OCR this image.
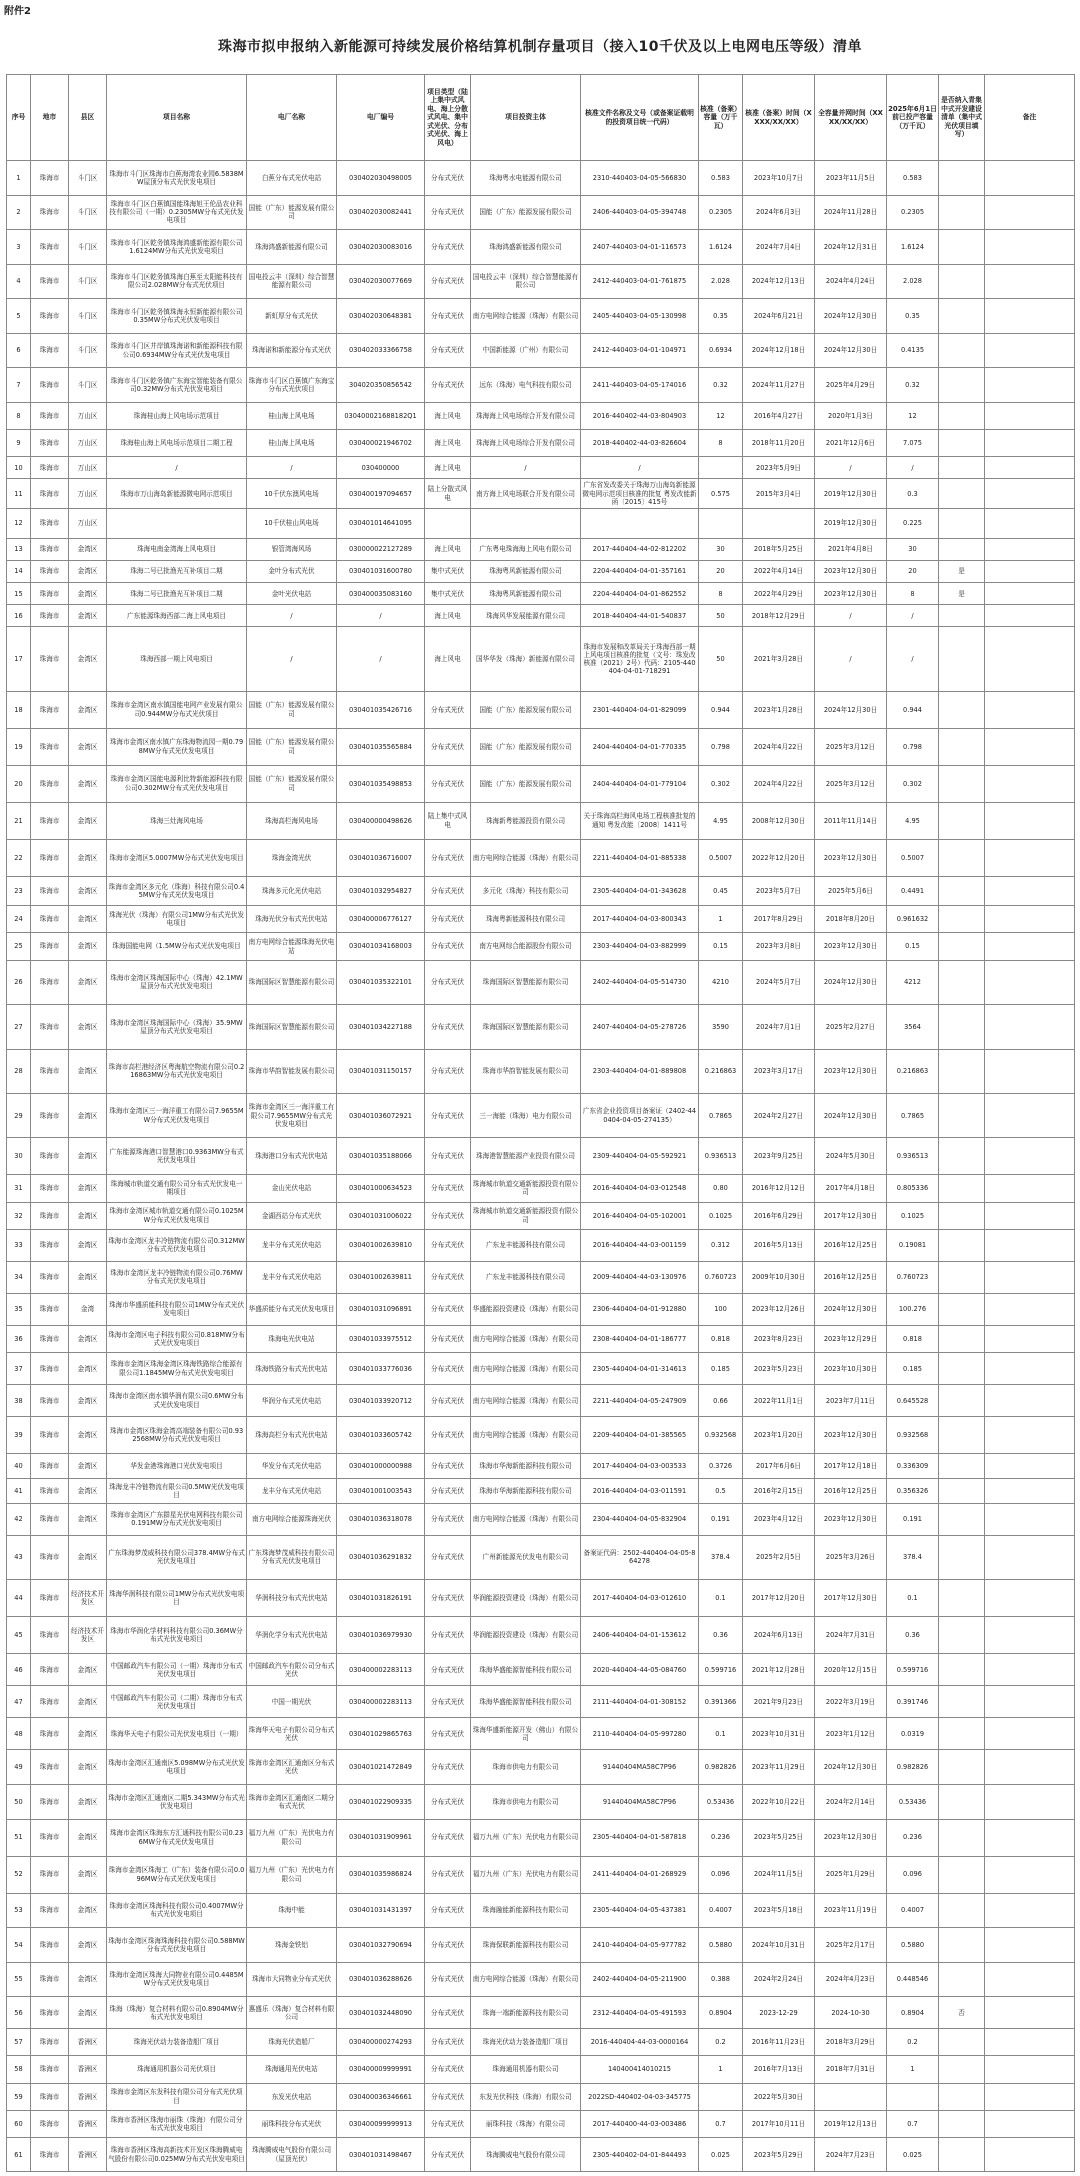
附件2
珠海市拟申报纳入新能源可持续发展价格结算机制存量项目（接入10千伏及以上电网电压等级）清单
序号	地市	县区	项目名称	电厂名称	电厂编号	项目类型（陆上集中式风电、海上分散式风电、集中式光伏、分布式光伏、海上风电）	项目投资主体	核准文件名称及文号（或备案证载明的投资项目统一代码）	核准（备案）容量（万千瓦）	核准（备案）时间（XXXX/XX/XX）	全容量并网时间（XXXX/XX/XX）	2025年6月1日前已投产容量（万千瓦）	是否纳入青集中式开发建设清单（集中式光伏项目填写）	备注
1	珠海市	斗门区	珠海市斗门区珠海市白蕉海湾农业园6.5838MW屋顶分布式光伏发电项目	白蕉分布式光伏电站	030402030498005	分布式光伏	珠海粤水电能源有限公司	2310-440403-04-05-566830	0.583	2023年10月7日	2023年11月5日	0.583		
2	珠海市	斗门区	珠海市斗门区白蕉镇国能珠海旭王伦品农业科技有限公司（一期）0.2305MW分布式光伏发电项目	国能（广东）能源发展有限公司	030402030082441	分布式光伏	国能（广东）能源发展有限公司	2406-440403-04-05-394748	0.2305	2024年6月3日	2024年11月28日	0.2305		
3	珠海市	斗门区	珠海市斗门区乾务镇珠海鸿盛新能源有限公司1.6124MW分布式光伏发电项目	珠海鸿盛新能源有限公司	030402030083016	分布式光伏	珠海鸿盛新能源有限公司	2407-440403-04-01-116573	1.6124	2024年7月4日	2024年12月31日	1.6124		
4	珠海市	斗门区	珠海市斗门区乾务镇珠海白蕉至太阳能科技有限公司2.028MW分布式光伏项目	国电投云丰（深圳）综合智慧能源有限公司	030402030077669	分布式光伏	国电投云丰（深圳）综合智慧能源有限公司	2412-440403-04-01-761875	2.028	2024年12月13日	2024年4月24日	2.028		
5	珠海市	斗门区	珠海市斗门区乾务镇珠海永恒新能源有限公司0.35MW分布式光伏发电项目	新虹厚分布式光伏	030402030648381	分布式光伏	南方电网综合能源（珠海）有限公司	2405-440403-04-05-130998	0.35	2024年6月21日	2024年12月30日	0.35		
6	珠海市	斗门区	珠海市斗门区井岸镇珠海诺和新能源科技有限公司0.6934MW分布式光伏发电项目	珠海诺和新能源分布式光伏	030402033366758	分布式光伏	中国新能源（广州）有限公司	2412-440403-04-01-104971	0.6934	2024年12月18日	2024年12月30日	0.4135		
7	珠海市	斗门区	珠海市斗门区乾务镇广东海宝智能装备有限公司0.32MW分布式光伏发电项目	珠海市斗门区白蕉镇广东海宝分布式光伏项目	304020350856542	分布式光伏	远东（珠海）电气科技有限公司	2411-440403-04-05-174016	0.32	2024年11月27日	2025年4月29日	0.32		
8	珠海市	万山区	珠海桂山海上风电场示范项目	桂山海上风电场	030400021688182Q1	海上风电	珠海海上风电场综合开发有限公司	2016-440402-44-03-804903	12	2016年4月27日	2020年1月3日	12		
9	珠海市	万山区	珠海桂山海上风电场示范项目二期工程	桂山海上风电场	030400021946702	海上风电	珠海海上风电场综合开发有限公司	2018-440402-44-03-826604	8	2018年11月20日	2021年12月6日	7.075		
10	珠海市	万山区	/	/	030400000	海上风电	/	/		2023年5月9日	/	/		
11	珠海市	万山区	珠海市万山海岛新能源微电网示范项目	10千伏东澳风电场	030400197094657	陆上分散式风电	南方海上风电场联合开发有限公司	广东省发改委关于珠海万山海岛新能源微电网示范项目核准的批复 粤发改能新函〔2015〕415号	0.575	2015年3月4日	2019年12月30日	0.3		
12	珠海市	万山区		10千伏桂山风电场	030401014641095						2019年12月30日	0.225		
13	珠海市	金湾区	珠海电南金湾海上风电项目	银管湾海风场	030000022127289	海上风电	广东粤电珠海海上风电有限公司	2017-440404-44-02-812202	30	2018年5月25日	2021年4月8日	30		
14	珠海市	金湾区	珠海二号已批渔光互补项目二期	金叶分布式光伏	030401031600780	集中式光伏	珠海粤风新能源有限公司	2204-440404-04-01-357161	20	2022年4月14日	2023年12月30日	20	是	
15	珠海市	金湾区	珠海二号已批渔光互补项目二期	金叶光伏电站	030400035083160	集中式光伏	珠海粤风新能源有限公司	2204-440404-04-01-862552	8	2022年4月29日	2023年12月30日	8	是	
16	珠海市	金湾区	广东能源珠海西部二海上风电项目	/	/	海上风电	珠海风华发展能源有限公司	2018-440404-44-01-540837	50	2018年12月29日	/	/		
17	珠海市	金湾区	珠海西部一期上风电项目	/	/	海上风电	国华华发（珠海）新能源有限公司	珠海市发展和改革局关于珠海西部一期上风电项目核准的批复（文号：珠发改核准（2021）2号）代码：2105-440404-04-01-718291	50	2021年3月28日	/	/		
18	珠海市	金湾区	珠海市金湾区南水镇国能电网产业发展有限公司0.944MW分布式光伏项目	国能（广东）能源发展有限公司	030401035426716	分布式光伏	国能（广东）能源发展有限公司	2301-440404-04-01-829099	0.944	2023年1月28日	2024年12月30日	0.944		
19	珠海市	金湾区	珠海市金湾区南水镇广东珠海物流园一期0.798MW分布式光伏发电项目	国能（广东）能源发展有限公司	030401035565884	分布式光伏	国能（广东）能源发展有限公司	2404-440404-04-01-770335	0.798	2024年4月22日	2025年3月12日	0.798		
20	珠海市	金湾区	珠海市金湾区国能电源利比特新能源科技有限公司0.302MW分布式光伏发电项目	国能（广东）能源发展有限公司	030401035498853	分布式光伏	国能（广东）能源发展有限公司	2404-440404-04-01-779104	0.302	2024年4月22日	2025年3月12日	0.302		
21	珠海市	金湾区	珠海三灶海风电场	珠海高栏海风电场	030400000498626	陆上集中式风电	珠海新粤能源投资有限公司	关于珠海高栏海风电场工程核准批复的通知 粤发改能〔2008〕1411号	4.95	2008年12月30日	2011年11月14日	4.95		
22	珠海市	金湾区	珠海市金湾区5.0007MW分布式光伏发电项目	珠海金湾光伏	030401036716007	分布式光伏	南方电网综合能源（珠海）有限公司	2211-440404-04-01-885338	0.5007	2022年12月20日	2023年12月30日	0.5007		
23	珠海市	金湾区	珠海市金湾区多元化（珠海）科技有限公司0.45MW分布式光伏发电项目	珠海多元化光伏电站	030401032954827	分布式光伏	多元化（珠海）科技有限公司	2305-440404-04-01-343628	0.45	2023年5月7日	2025年5月6日	0.4491		
24	珠海市	金湾区	珠海光伏（珠海）有限公司1MW分布式光伏发电项目	珠海光伏分布式光伏电站	030400006776127	分布式光伏	珠海粤新能源科技有限公司	2017-440404-04-03-800343	1	2017年8月29日	2018年8月20日	0.961632		
25	珠海市	金湾区	珠海国能电网（1.5MW分布式光伏发电项目	南方电网综合能源珠海光伏电站	030401034168003	分布式光伏	南方电网综合能源股份有限公司	2303-440404-04-03-882999	0.15	2023年3月8日	2023年12月30日	0.15		
26	珠海市	金湾区	珠海市金湾区珠海国际中心（珠海）42.1MW屋顶分布式光伏发电项目	珠海国际区智慧能源有限公司	030401035322101	分布式光伏	珠海国际区智慧能源有限公司	2402-440404-04-05-514730	4210	2024年5月7日	2024年12月30日	4212		
27	珠海市	金湾区	珠海市金湾区珠海国际中心（珠海）35.9MW屋顶分布式光伏发电项目	珠海国际区智慧能源有限公司	030401034227188	分布式光伏	珠海国际区智慧能源有限公司	2407-440404-04-05-278726	3590	2024年7月1日	2025年2月27日	3564		
28	珠海市	金湾区	珠海市高栏港经济区粤海航空物流有限公司0.216863MW分布式光伏发电项目	珠海市华韵智能发展有限公司	030401031150157	分布式光伏	珠海市华韵智能发展有限公司	2303-440404-04-01-889808	0.216863	2023年3月17日	2023年12月30日	0.216863		
29	珠海市	金湾区	珠海市金湾区三一海洋重工有限公司7.9655MW分布式光伏发电项目	珠海市金湾区三一海洋重工有限公司7.9655MW分布式光伏发电项目	030401036072921	分布式光伏	三一海能（珠海）电力有限公司	广东省企业投资项目备案证（2402-440404-04-05-274135）	0.7865	2024年2月27日	2024年12月30日	0.7865		
30	珠海市	金湾区	广东能源珠海港口智慧港口0.9363MW分布式光伏发电项目	珠海港口分布式光伏电站	030401035188066	分布式光伏	珠海港智慧能源产业投资有限公司	2309-440404-04-05-592921	0.936513	2023年9月25日	2024年5月30日	0.936513		
31	珠海市	金湾区	珠海城市轨道交通有限公司分布式光伏发电一期项目	金山光伏电站	030401000634523	分布式光伏	珠海城市轨道交通新能源投资有限公司	2016-440404-04-03-012548	0.80	2016年12月12日	2017年4月18日	0.805336		
32	珠海市	金湾区	珠海市金湾区城市轨道交通有限公司0.1025MW分布式光伏发电项目	金湖西站分布式光伏	030401031006022	分布式光伏	珠海城市轨道交通新能源投资有限公司	2016-440404-04-05-102001	0.1025	2016年6月29日	2017年12月30日	0.1025		
33	珠海市	金湾区	珠海市金湾区龙丰冷链物流有限公司0.312MW分布式光伏发电项目	龙丰分布式光伏电站	030401002639810	分布式光伏	广东龙丰能源科技有限公司	2016-440404-44-03-001159	0.312	2016年5月13日	2016年12月25日	0.19081		
34	珠海市	金湾区	珠海市金湾区龙丰冷链物流有限公司0.76MW分布式光伏发电项目	龙丰分布式光伏电站	030401002639811	分布式光伏	广东龙丰能源科技有限公司	2009-440404-44-03-130976	0.760723	2009年10月30日	2016年12月25日	0.760723		
35	珠海市	金湾	珠海市华盛质能科技有限公司1MW分布式光伏发电项目	华盛质能分布式光伏发电项目	030401031096891	分布式光伏	华盛能源投资建设（珠海）有限公司	2306-440404-04-01-912880	100	2023年12月26日	2024年12月30日	100.276		
36	珠海市	金湾区	珠海市金湾区电子科技有限公司0.818MW分布式光伏发电项目	珠海电光伏电站	030401033975512	分布式光伏	南方电网综合能源（珠海）有限公司	2308-440404-04-01-186777	0.818	2023年8月23日	2023年12月29日	0.818		
37	珠海市	金湾区	珠海市金湾区珠海金湾区珠海铁路综合能源有限公司1.1845MW分布式光伏发电项目	珠海铁路分布式光伏电站	030401033776036	分布式光伏	南方电网综合能源（珠海）有限公司	2305-440404-04-01-314613	0.185	2023年5月23日	2023年10月30日	0.185		
38	珠海市	金湾区	珠海市金湾区南水镇华润有限公司0.6MW分布式光伏发电项目	华润分布式光伏电站	030401033920712	分布式光伏	南方电网综合能源（珠海）有限公司	2211-440404-04-05-247909	0.66	2022年11月1日	2023年7月11日	0.645528		
39	珠海市	金湾区	珠海市金湾区珠海金湾高端装备有限公司0.932568MW分布式光伏发电项目	珠海高栏分布式光伏电站	030401033605742	分布式光伏	南方电网综合能源（珠海）有限公司	2209-440404-04-01-385565	0.932568	2023年1月20日	2023年12月30日	0.932568		
40	珠海市	金湾区	华发金港珠海港口光伏发电项目	华发分布式光伏电站	030401000000988	分布式光伏	珠海市华海新能源科技有限公司	2017-440404-04-03-003533	0.3726	2017年6月6日	2017年12月18日	0.336309		
41	珠海市	金湾区	珠海龙丰冷链物流有限公司0.5MW光伏发电项目	龙丰分布式光伏电站	030401001003543	分布式光伏	珠海市华海新能源科技有限公司	2016-440404-04-03-011591	0.5	2016年2月15日	2016年12月25日	0.356326		
42	珠海市	金湾区	珠海市金湾区广东群星光伏电网科技有限公司0.191MW分布式光伏发电项目	南方电网综合能源珠海光伏	030401036318078	分布式光伏	南方电网综合能源（珠海）有限公司	2304-440404-04-05-832904	0.191	2023年4月12日	2023年12月30日	0.191		
43	珠海市	金湾区	广东珠海梦茂威科技有限公司378.4MW分布式光伏发电项目	广东珠海梦茂威科技有限公司分布式光伏发电项目	030401036291832	分布式光伏	广州新能源光伏发电有限公司	备案证代码：2502-440404-04-05-864278	378.4	2025年2月5日	2025年3月26日	378.4		
44	珠海市	经济技术开发区	珠海华润科技有限公司1MW分布式光伏发电项目	华润科技分布式光伏电站	030401031826191	分布式光伏	华润能源投资建设（珠海）有限公司	2017-440404-04-03-012610	0.1	2017年12月20日	2017年12月30日	0.1		
45	珠海市	经济技术开发区	珠海市华润化学材料科技有限公司0.36MW分布式光伏发电项目	华润化学分布式光伏电站	030401036979930	分布式光伏	华润能源投资建设（珠海）有限公司	2406-440404-04-01-153612	0.36	2024年6月13日	2024年7月31日	0.36		
46	珠海市	金湾区	中国邮政汽车有限公司（一期）珠海市分布式光伏发电项目	中国邮政汽车有限公司分布式光伏	030400002283113	分布式光伏	珠海华盛能源智能科技有限公司	2020-440404-44-05-084760	0.599716	2021年12月28日	2020年12月15日	0.599716		
47	珠海市	金湾区	中国邮政汽车有限公司（二期）珠海市分布式光伏发电项目	中国一期光伏	030400002283113	分布式光伏	珠海华盛能源智能科技有限公司	2111-440404-04-01-308152	0.391366	2021年9月23日	2022年3月19日	0.391746		
48	珠海市	金湾区	珠海华天电子有限公司光伏发电项目（一期）	珠海华天电子有限公司分布式光伏	030401029865763	分布式光伏	珠海华盛新能源开发（佛山）有限公司	2110-440404-04-05-997280	0.1	2023年10月31日	2023年1月12日	0.0319		
49	珠海市	金湾区	珠海市金湾区汇通南区5.098MW分布式光伏发电项目	珠海市金湾区汇通南区分布式光伏	030401021472849	分布式光伏	珠海市供电力有限公司	91440404MA58C7P96	0.982826	2023年11月29日	2024年12月30日	0.982826		
50	珠海市	金湾区	珠海市金湾区汇通南区二期5.343MW分布式光伏发电项目	珠海市金湾区汇通南区二期分布式光伏	030401022909335	分布式光伏	珠海市供电力有限公司	91440404MA58C7P96	0.53436	2022年10月22日	2024年2月14日	0.53436		
51	珠海市	金湾区	珠海市金湾区珠海东方汇通科技有限公司0.236MW分布式光伏发电项目	福万九州（广东）光伏电力有限公司	030401031909961	分布式光伏	福万九州（广东）光伏电力有限公司	2305-440404-04-01-587818	0.236	2023年5月25日	2023年12月30日	0.236		
52	珠海市	金湾区	珠海市金湾区珠海工（广东）装备有限公司0.096MW分布式光伏发电项目	福万九州（广东）光伏电力有限公司	030401035986824	分布式光伏	福万九州（广东）光伏电力有限公司	2411-440404-04-01-268929	0.096	2024年11月5日	2025年1月29日	0.096		
53	珠海市	金湾区	珠海市金湾区珠海科技有限公司0.4007MW分布式光伏发电项目	珠海中能	030401031431397	分布式光伏	珠海融能新能源科技有限公司	2305-440404-04-05-437381	0.4007	2023年5月18日	2023年11月19日	0.4007		
54	珠海市	金湾区	珠海市金湾区珠海珠海科技有限公司0.588MW分布式光伏发电项目	珠海金铁铝	030401032790694	分布式光伏	珠海保联新能源科技有限公司	2410-440404-04-05-977782	0.5880	2024年10月31日	2025年2月17日	0.5880		
55	珠海市	金湾区	珠海市金湾区珠海大同物业有限公司0.4485MW分布式光伏发电项目	珠海市大同物业分布式光伏	030401036288626	分布式光伏	南方电网综合能源（珠海）有限公司	2402-440404-04-05-211900	0.388	2024年2月24日	2024年4月23日	0.448546		
56	珠海市	金湾区	珠海（珠海）复合材料有限公司0.8904MW分布式光伏发电项目	惠盛乐（珠海）复合材料有限公司	030401032448090	分布式光伏	珠海一端新能源科技有限公司	2312-440404-04-05-491593	0.8904	2023-12-29	2024-10-30	0.8904	否	
57	珠海市	香洲区	珠海光伏动力装备造船厂项目	珠海光伏造船厂	030400000274293	分布式光伏	珠海光伏动力装备造船厂项目	2016-440404-44-03-0000164	0.2	2016年11月23日	2018年3月29日	0.2		
58	珠海市	香洲区	珠海通用机器公司光伏项目	珠海通用光伏电站	030400009999991	分布式光伏	珠海通用机器有限公司	140400414010215	1	2016年7月13日	2018年7月31日	1		
59	珠海市	香洲区	珠海市金湾区东发科技有限公司分布式光伏项目	东发光伏电站	030400036346661	分布式光伏	东发光伏科技（珠海）有限公司	2022SD-440402-04-03-345775		2022年5月30日				
60	珠海市	香洲区	珠海市香洲区珠海市丽珠（珠海）有限公司分布式光伏发电项目	丽珠科技分布式光伏	030400099999913	分布式光伏	丽珠科技（珠海）有限公司	2017-440400-44-03-003486	0.7	2017年10月11日	2019年12月13日	0.7		
61	珠海市	香洲区	珠海市香洲区珠海高新技术开发区珠海腾威电气股份有限公司0.025MW分布式光伏发电项目	珠海腾威电气股份有限公司（屋顶光伏）	030401031498467	分布式光伏	珠海腾威电气股份有限公司	2305-440402-04-01-844493	0.025	2023年5月29日	2024年7月23日	0.025		
